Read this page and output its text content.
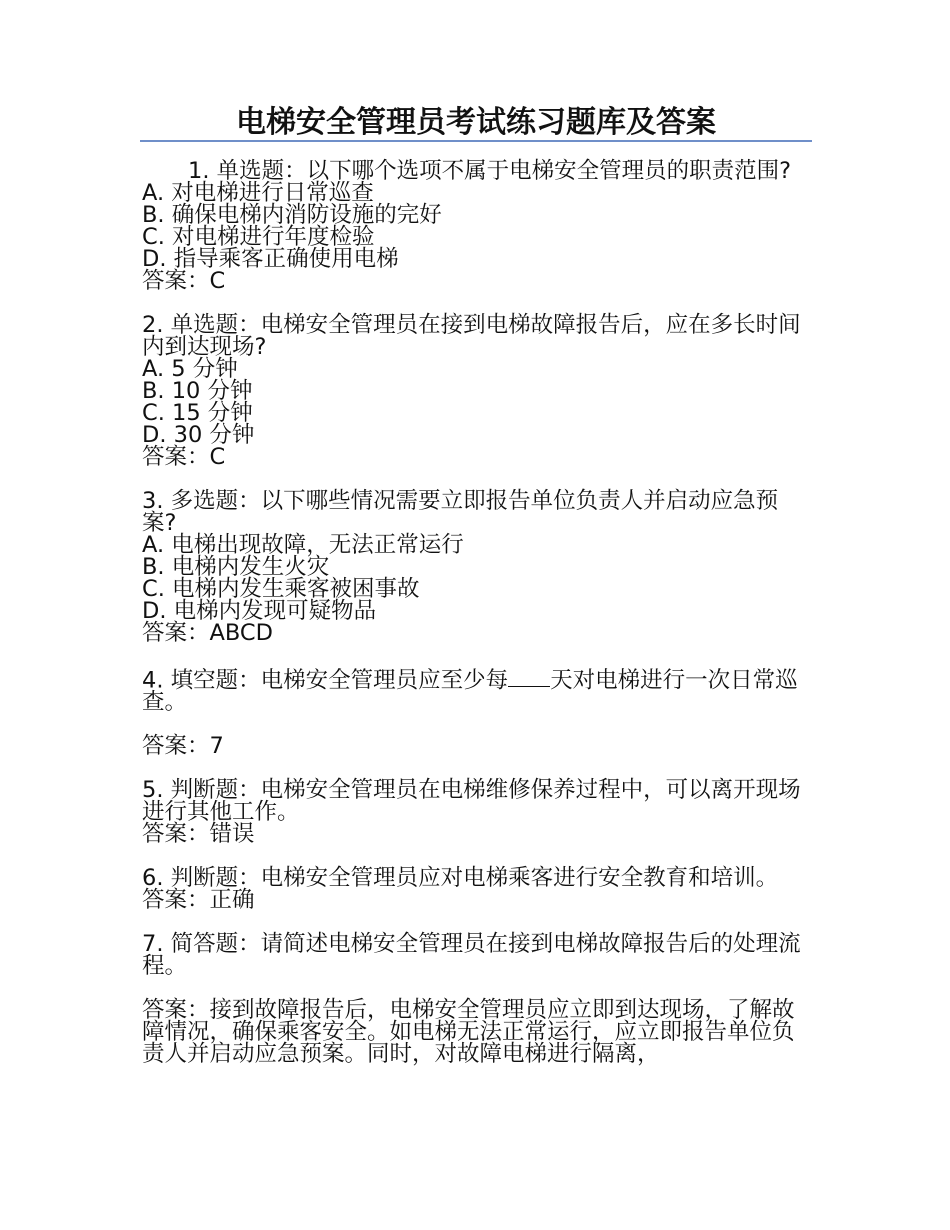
电梯安全管理员考试练习题库及答案

1. 单选题：以下哪个选项不属于电梯安全管理员的职责范围?

A. 对电梯进行日常巡查

B. 确保电梯内消防设施的完好

C. 对电梯进行年度检验

D. 指导乘客正确使用电梯

答案：C

2. 单选题：电梯安全管理员在接到电梯故障报告后，应在多长时间内到达现场?

A. 5 分钟

B. 10 分钟

C. 15 分钟

D. 30 分钟

答案：C

3. 多选题：以下哪些情况需要立即报告单位负责人并启动应急预案?

A. 电梯出现故障，无法正常运行

B. 电梯内发生火灾

C. 电梯内发生乘客被困事故

D. 电梯内发现可疑物品

答案：ABCD

4. 填空题：电梯安全管理员应至少每 天对电梯进行一次日常巡查。

答案：7

5. 判断题：电梯安全管理员在电梯维修保养过程中，可以离开现场进行其他工作。

答案：错误

6. 判断题：电梯安全管理员应对电梯乘客进行安全教育和培训。

答案：正确

7. 简答题：请简述电梯安全管理员在接到电梯故障报告后的处理流程。

答案：接到故障报告后，电梯安全管理员应立即到达现场，了解故障情况，确保乘客安全。如电梯无法正常运行，应立即报告单位负责人并启动应急预案。同时，对故障电梯进行隔离，
